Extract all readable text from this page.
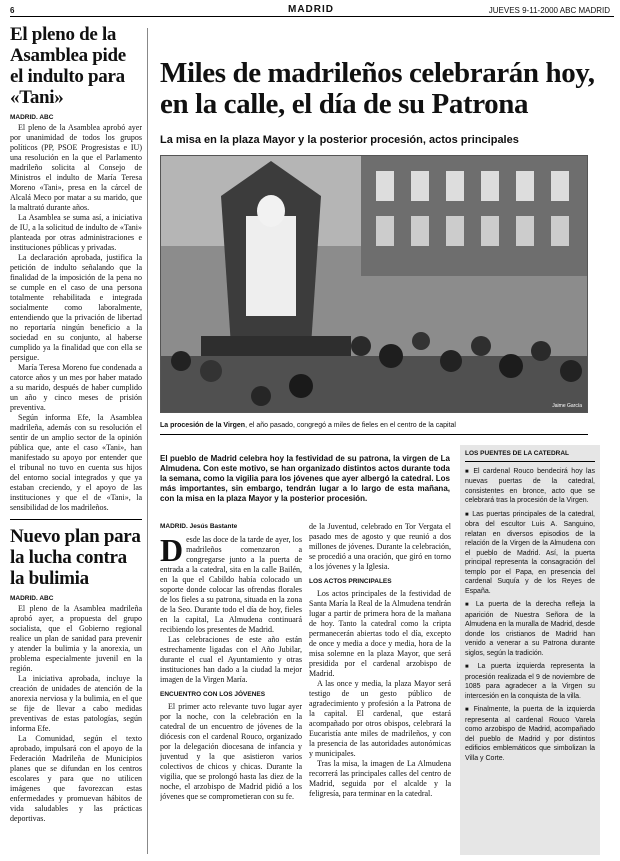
6	MADRID	JUEVES 9-11-2000 ABC MADRID
El pleno de la Asamblea pide el indulto para «Tani»
MADRID. ABC

El pleno de la Asamblea aprobó ayer por unanimidad de todos los grupos políticos (PP, PSOE Progresistas e IU) una resolución en la que el Parlamento madrileño solicita al Consejo de Ministros el indulto de María Teresa Moreno «Tani», presa en la cárcel de Alcalá Meco por matar a su marido, que la maltrató durante años.

La Asamblea se suma así, a iniciativa de IU, a la solicitud de indulto de «Tani» planteada por otras administraciones e instituciones públicas y privadas.

La declaración aprobada, justifica la petición de indulto señalando que la finalidad de la imposición de la pena no se cumple en el caso de una persona totalmente rehabilitada e integrada socialmente como laboralmente, entendiendo que la privación de libertad no reportaría ningún beneficio a la sociedad en su conjunto, al haberse cumplido ya la finalidad que con ella se persigue.

María Teresa Moreno fue condenada a catorce años y un mes por haber matado a su marido, después de haber cumplido un año y cinco meses de prisión preventiva.

Según informa Efe, la Asamblea madrileña, además con su resolución el sentir de un amplio sector de la opinión pública que, ante el caso «Tani», han manifestado su apoyo por entender que el tribunal no tuvo en cuenta sus hijos del entorno social integrados y que ya estaban creciendo, y el apoyo de las instituciones y que el de «Tani», la sensibilidad de los madrileños.

Nuevo plan para la lucha contra la bulimia
MADRID. ABC

El pleno de la Asamblea madrileña aprobó ayer, a propuesta del grupo socialista, que el Gobierno regional realice un plan de sanidad para prevenir y atender la bulimia y la anorexia, un problema especialmente juvenil en la región.

La iniciativa aprobada, incluye la creación de unidades de atención de la anorexia nerviosa y la bulimia, en el que se fije de llevar a cabo medidas preventivas de estas patologías, según informa Efe.

La Comunidad, según el texto aprobado, impulsará con el apoyo de la Federación Madrileña de Municipios planes que se difundan en los centros escolares y para que no utilicen imágenes que favorezcan estas enfermedades y promuevan hábitos de vida saludables y las prácticas deportivas.

Miles de madrileños celebrarán hoy, en la calle, el día de su Patrona
La misa en la plaza Mayor y la posterior procesión, actos principales
Jaime García
La procesión de la Virgen, el año pasado, congregó a miles de fieles en el centro de la capital
El pueblo de Madrid celebra hoy la festividad de su patrona, la virgen de La Almudena. Con este motivo, se han organizado distintos actos durante toda la semana, como la vigilia para los jóvenes que ayer albergó la catedral. Los más importantes, sin embargo, tendrán lugar a lo largo de esta mañana, con la misa en la plaza Mayor y la posterior procesión.
MADRID. Jesús Bastante
D esde las doce de la tarde de ayer, los madrileños comenzaron a congregarse junto a la puerta de entrada a la catedral, sita en la calle Bailén, en la que el Cabildo había colocado un soporte donde colocar las ofrendas florales de los fieles a su patrona, situada en la zona de la Seo. Durante todo el día de hoy, fieles en la capital, La Almudena continuará recibiendo los presentes de Madrid.

Las celebraciones de este año están estrechamente ligadas con el Año Jubilar, durante el cual el Ayuntamiento y otras instituciones han dado a la ciudad la mejor imagen de la Virgen María.

ENCUENTRO CON LOS JÓVENES

El primer acto relevante tuvo lugar ayer por la noche, con la celebración en la catedral de un encuentro de jóvenes de la diócesis con el cardenal Rouco, organizado por la delegación diocesana de infancia y juventud y la que asistieron varios colectivos de chicos y chicas. Durante la vigilia, que se prolongó hasta las diez de la noche, el arzobispo de Madrid pidió a los jóvenes que se comprometieran con su fe.

de la Juventud, celebrado en Tor Vergata el pasado mes de agosto y que reunió a dos millones de jóvenes. Durante la celebración, se procedió a una oración, que giró en torno a los jóvenes y la Iglesia.

LOS ACTOS PRINCIPALES

Los actos principales de la festividad de Santa María la Real de la Almudena tendrán lugar a partir de primera hora de la mañana de hoy. Tanto la catedral como la cripta permanecerán abiertas todo el día, excepto de once y media a doce y media, hora de la misa solemne en la plaza Mayor, que será presidida por el cardenal arzobispo de Madrid.

A las once y media, la plaza Mayor será testigo de un gesto público de agradecimiento y profesión a la Patrona de la capital. El cardenal, que estará acompañado por otros obispos, celebrará la Eucaristía ante miles de madrileños, y con la presencia de las autoridades autonómicas y municipales.

Tras la misa, la imagen de La Almudena recorrerá las principales calles del centro de Madrid, seguida por el alcalde y la feligresía, para terminar en la catedral.

LOS PUENTES DE LA CATEDRAL
■ El cardenal Rouco bendecirá hoy las nuevas puertas de la catedral, consistentes en bronce, acto que se celebrará tras la procesión de la Virgen.
■ Las puertas principales de la catedral, obra del escultor Luis A. Sanguino, relatan en diversos episodios de la relación de la Virgen de la Almudena con el pueblo de Madrid. Así, la puerta principal representa la consagración del templo por el Papa, en presencia del cardenal Suquía y de los Reyes de España.
■ La puerta de la derecha refleja la aparición de Nuestra Señora de la Almudena en la muralla de Madrid, desde donde los cristianos de Madrid han venido a venerar a su Patrona durante siglos, según la tradición.
■ La puerta izquierda representa la procesión realizada el 9 de noviembre de 1085 para agradecer a la Virgen su intercesión en la conquista de la villa.
■ Finalmente, la puerta de la izquierda representa al cardenal Rouco Varela como arzobispo de Madrid, acompañado del pueblo de Madrid y por distintos edificios emblemáticos que simbolizan la Villa y Corte.
